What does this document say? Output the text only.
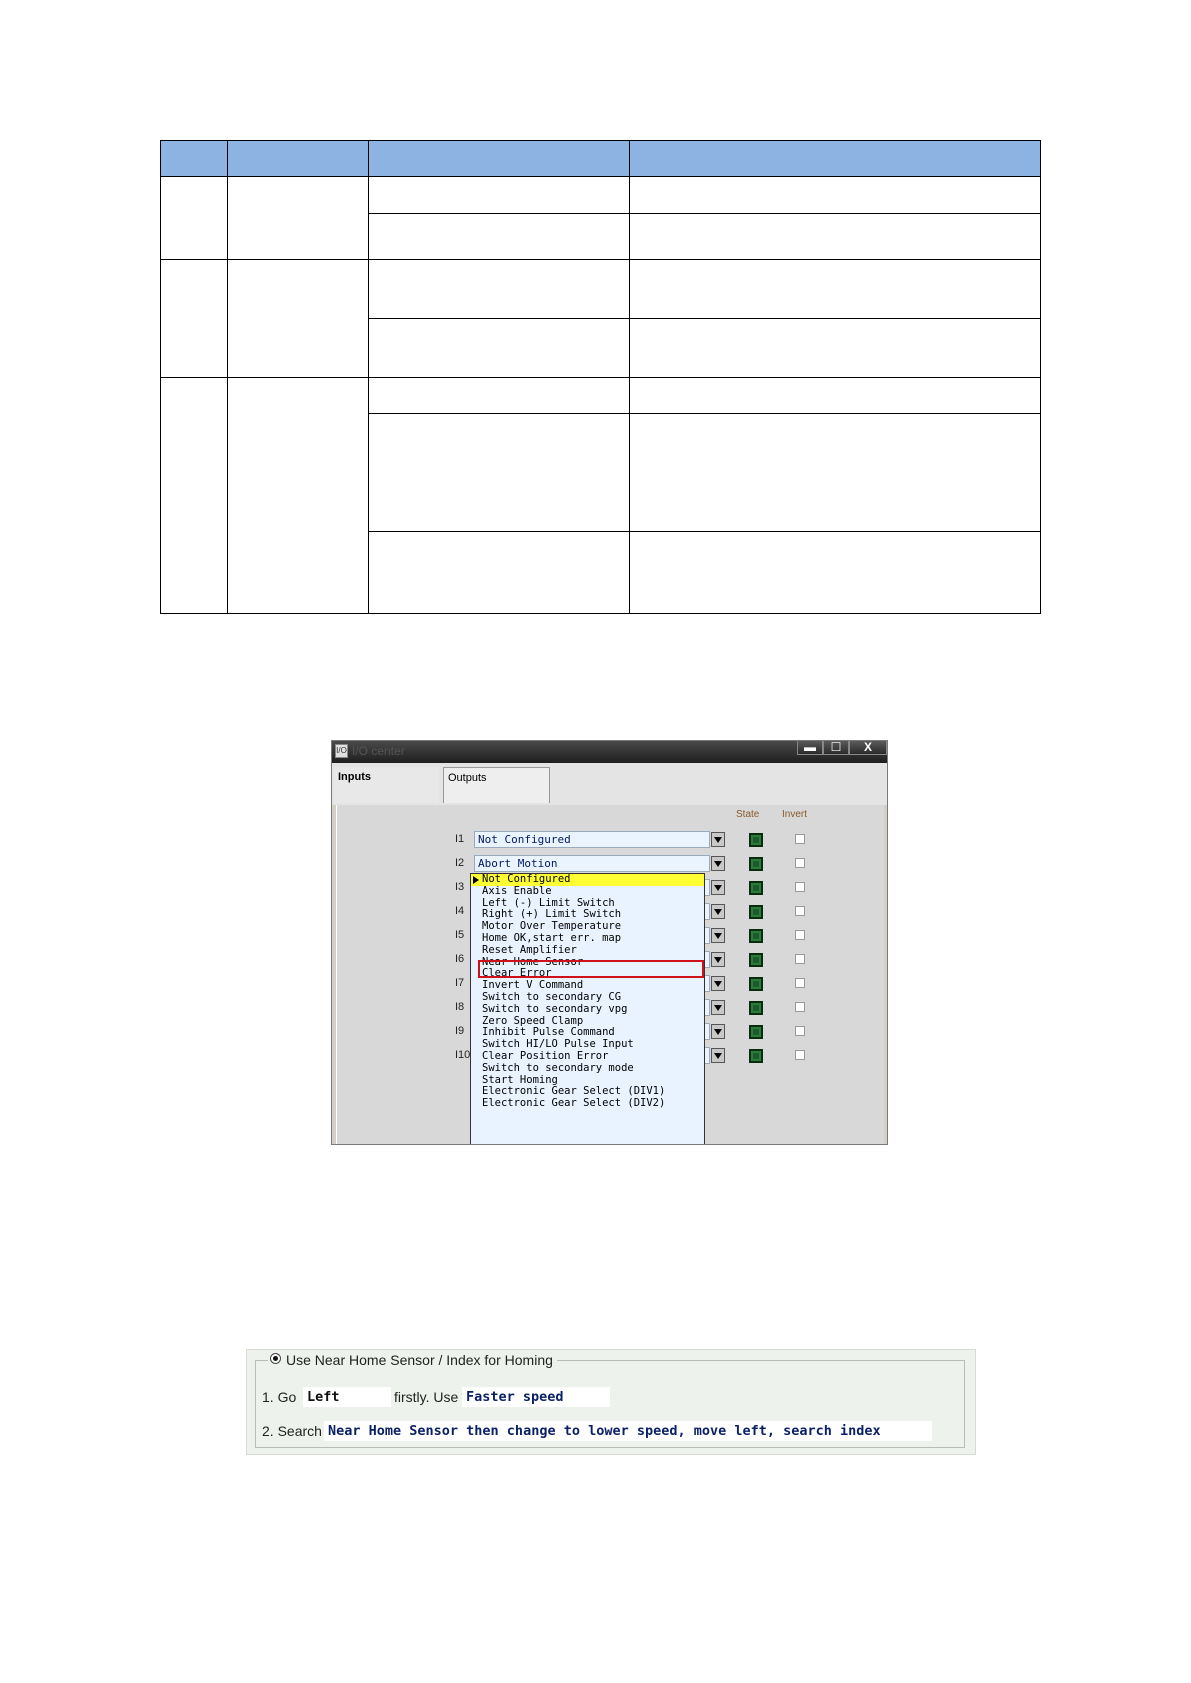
I/O I/O center	▬	☐	X
Inputs	Outputs
State Invert
I1	Not Configured
I2	Abort Motion
I3
I4
I5
I6
I7
I8
I9
I10
Not Configured
Axis Enable
Left (-) Limit Switch
Right (+) Limit Switch
Motor Over Temperature
Home OK,start err. map
Reset Amplifier
Near Home Sensor
Clear Error
Invert V Command
Switch to secondary CG
Switch to secondary vpg
Zero Speed Clamp
Inhibit Pulse Command
Switch HI/LO Pulse Input
Clear Position Error
Switch to secondary mode
Start Homing
Electronic Gear Select (DIV1)
Electronic Gear Select (DIV2)
Use Near Home Sensor / Index for Homing
1. Go Left	firstly. Use Faster speed
2. Search Near Home Sensor then change to lower speed, move left, search index
